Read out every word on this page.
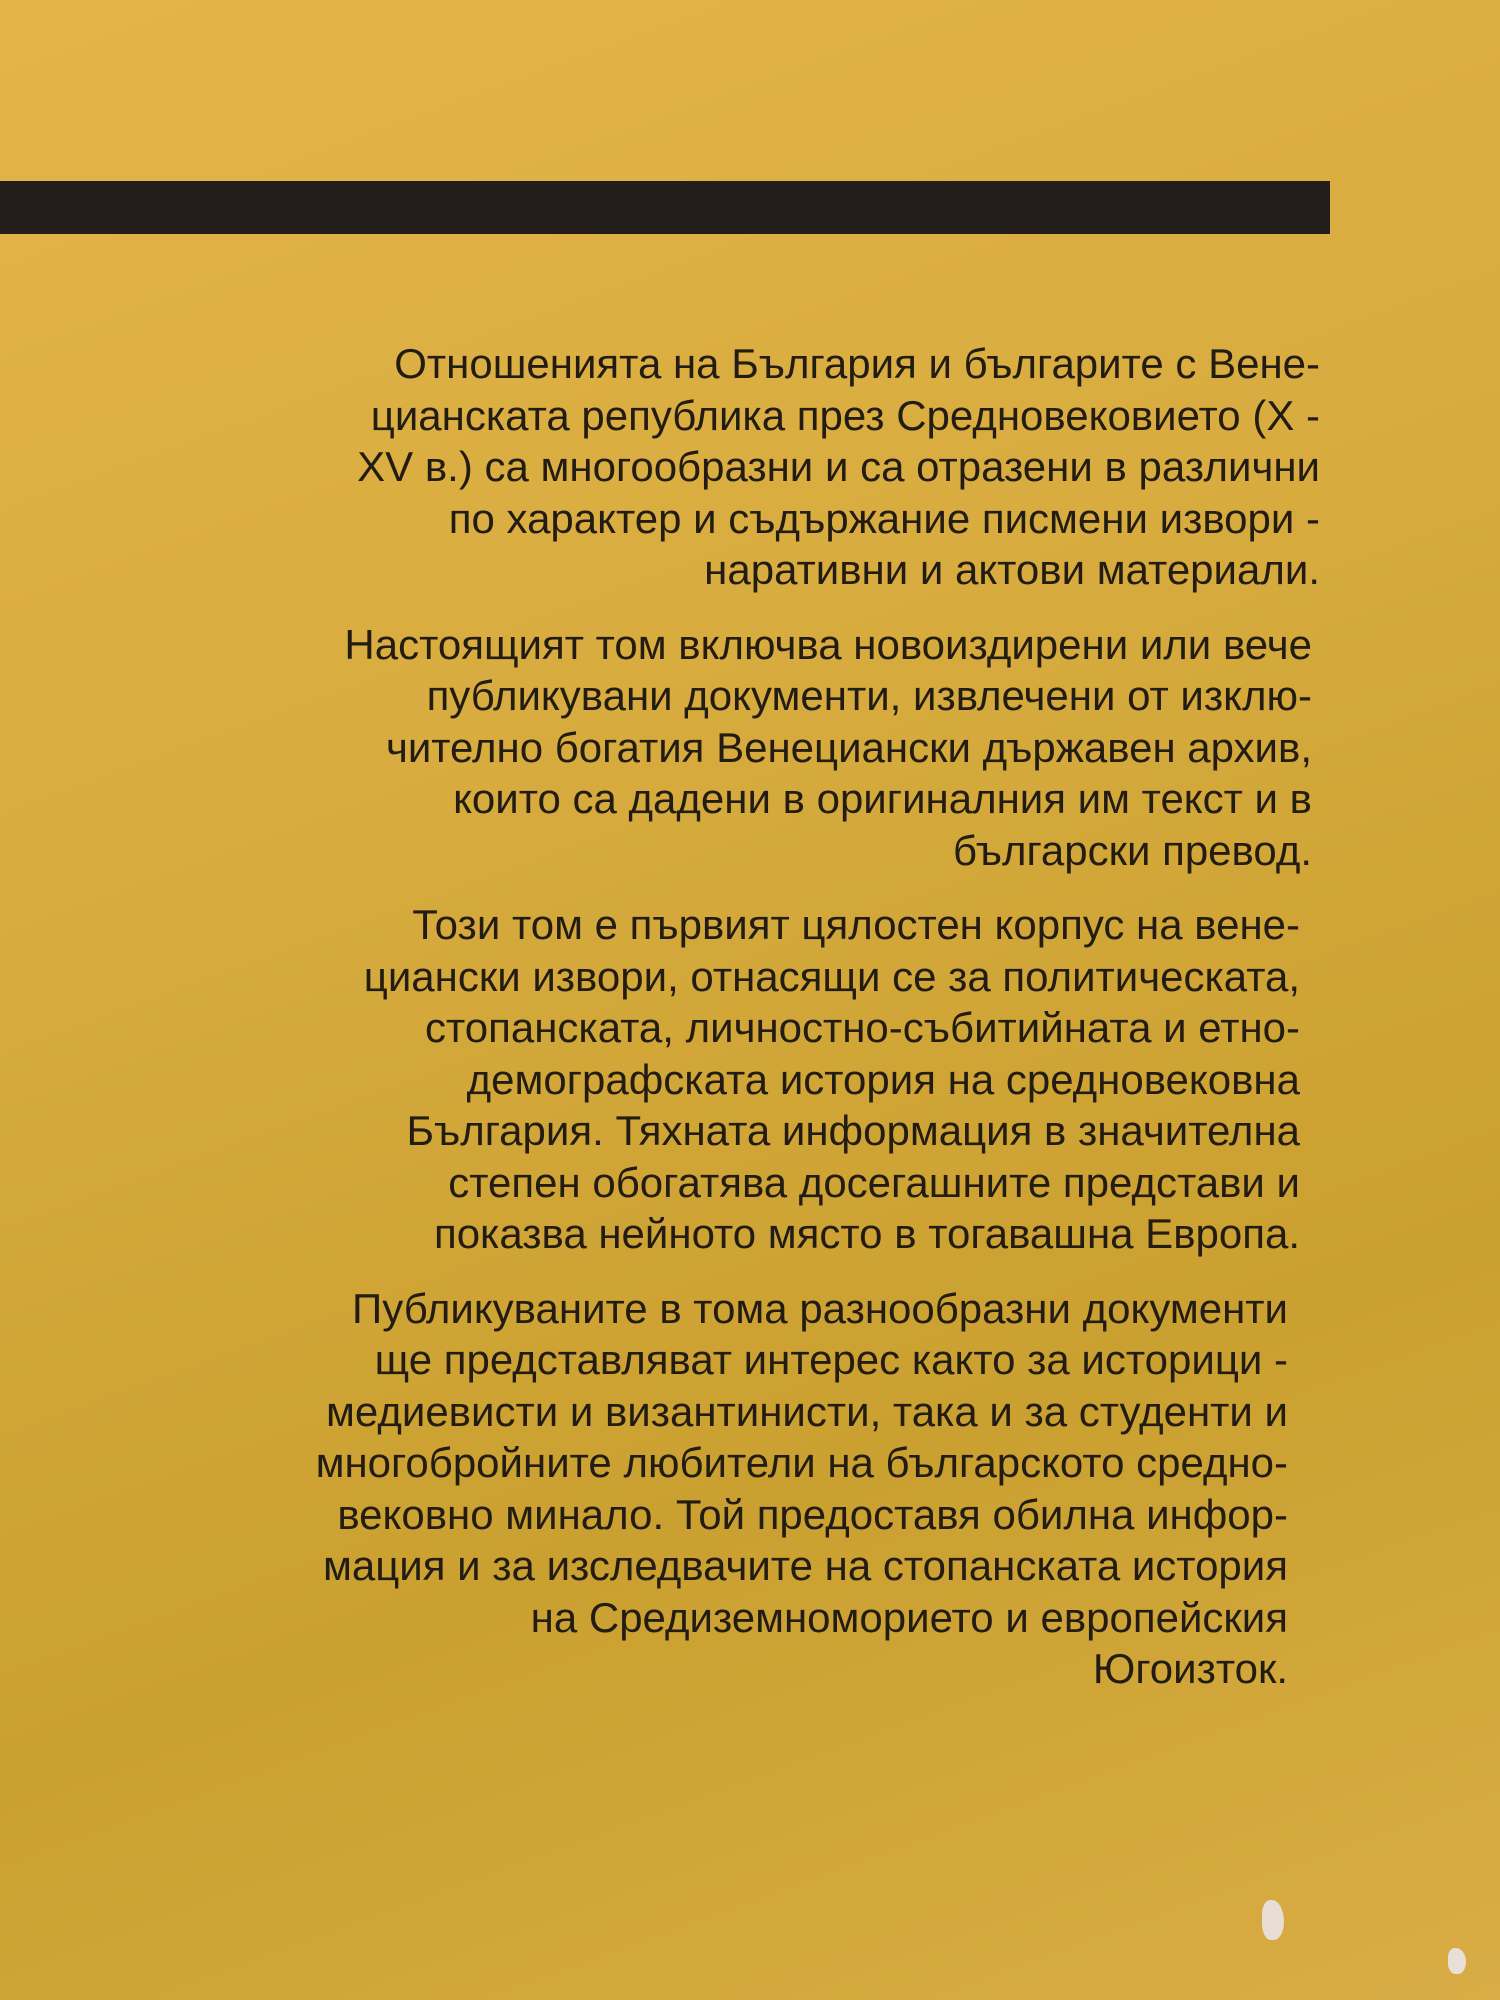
Отношенията на България и българите с Вене-
цианската република през Средновековието (X -
XV в.) са многообразни и са отразени в различни
по характер и съдържание писмени извори -
наративни и актови материали.
Настоящият том включва новоиздирени или вече
публикувани документи, извлечени от изклю-
чително богатия Венециански държавен архив,
които са дадени в оригиналния им текст и в
български превод.
Този том е първият цялостен корпус на вене-
циански извори, отнасящи се за политическата,
стопанската, личностно-събитийната и етно-
демографската история на средновековна
България. Тяхната информация в значителна
степен обогатява досегашните представи и
показва нейното място в тогавашна Европа.
Публикуваните в тома разнообразни документи
ще представляват интерес както за историци -
медиевисти и византинисти, така и за студенти и
многобройните любители на българското средно-
вековно минало. Той предоставя обилна инфор-
мация и за изследвачите на стопанската история
на Средиземноморието и европейския
Югоизток.
